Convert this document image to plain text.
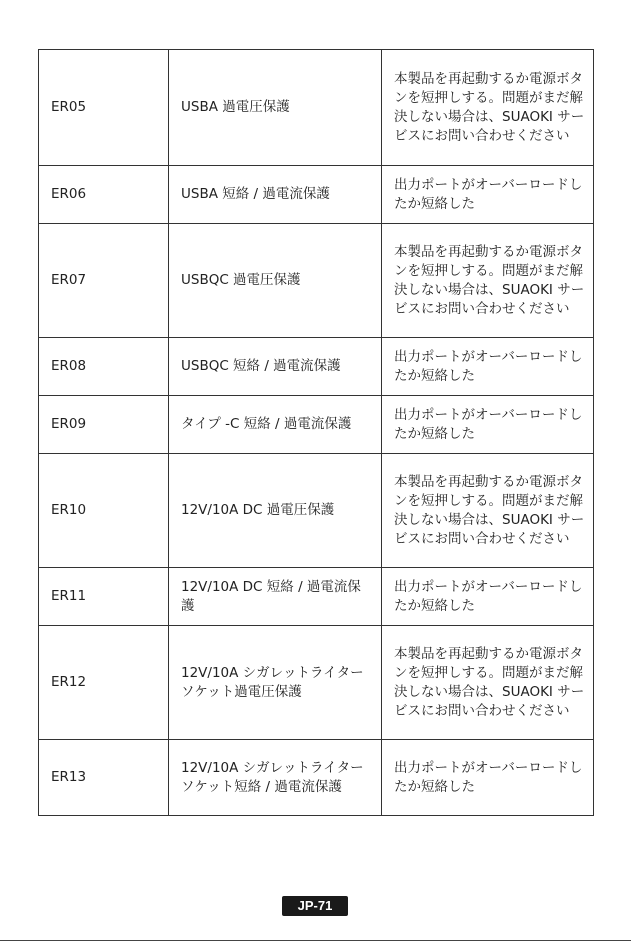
ER05	USBA 過電圧保護	本製品を再起動するか電源ボタンを短押しする。問題がまだ解決しない場合は、SUAOKI サービスにお問い合わせください
ER06	USBA 短絡 / 過電流保護	出力ポートがオーバーロードしたか短絡した
ER07	USBQC 過電圧保護	本製品を再起動するか電源ボタンを短押しする。問題がまだ解決しない場合は、SUAOKI サービスにお問い合わせください
ER08	USBQC 短絡 / 過電流保護	出力ポートがオーバーロードしたか短絡した
ER09	タイプ -C 短絡 / 過電流保護	出力ポートがオーバーロードしたか短絡した
ER10	12V/10A DC 過電圧保護	本製品を再起動するか電源ボタンを短押しする。問題がまだ解決しない場合は、SUAOKI サービスにお問い合わせください
ER11	12V/10A DC 短絡 / 過電流保護	出力ポートがオーバーロードしたか短絡した
ER12	12V/10A シガレットライター ソケット過電圧保護	本製品を再起動するか電源ボタンを短押しする。問題がまだ解決しない場合は、SUAOKI サービスにお問い合わせください
ER13	12V/10A シガレットライター ソケット短絡 / 過電流保護	出力ポートがオーバーロードしたか短絡した
JP-71
